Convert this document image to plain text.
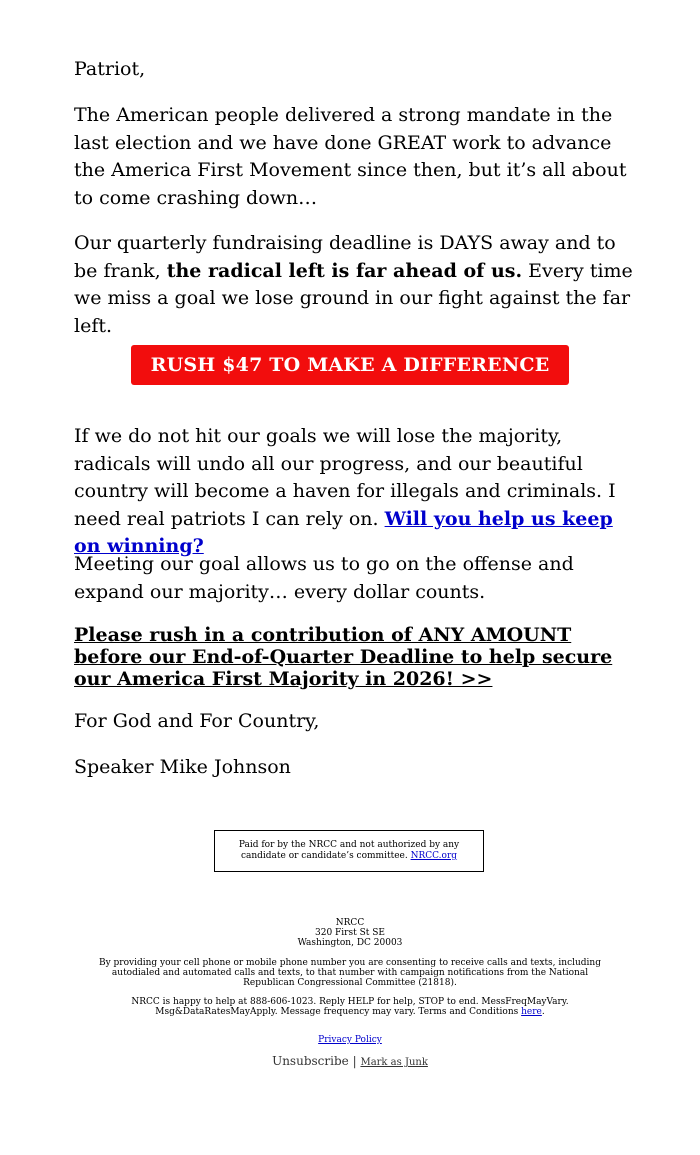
Patriot,

The American people delivered a strong mandate in the last election and we have done GREAT work to advance the America First Movement since then, but it’s all about to come crashing down…

Our quarterly fundraising deadline is DAYS away and to be frank, the radical left is far ahead of us. Every time we miss a goal we lose ground in our fight against the far left.

RUSH $47 TO MAKE A DIFFERENCE

If we do not hit our goals we will lose the majority, radicals will undo all our progress, and our beautiful country will become a haven for illegals and criminals. I need real patriots I can rely on. Will you help us keep on winning?

Meeting our goal allows us to go on the offense and expand our majority… every dollar counts.

Please rush in a contribution of ANY AMOUNT before our End-of-Quarter Deadline to help secure our America First Majority in 2026! >>

For God and For Country,

Speaker Mike Johnson

Paid for by the NRCC and not authorized by any candidate or candidate’s committee. NRCC.org

NRCC
320 First St SE
Washington, DC 20003

By providing your cell phone or mobile phone number you are consenting to receive calls and texts, including autodialed and automated calls and texts, to that number with campaign notifications from the National Republican Congressional Committee (21818).

NRCC is happy to help at 888-606-1023. Reply HELP for help, STOP to end. MessFreqMayVary. Msg&DataRatesMayApply. Message frequency may vary. Terms and Conditions here.

Privacy Policy

Unsubscribe | Mark as Junk
